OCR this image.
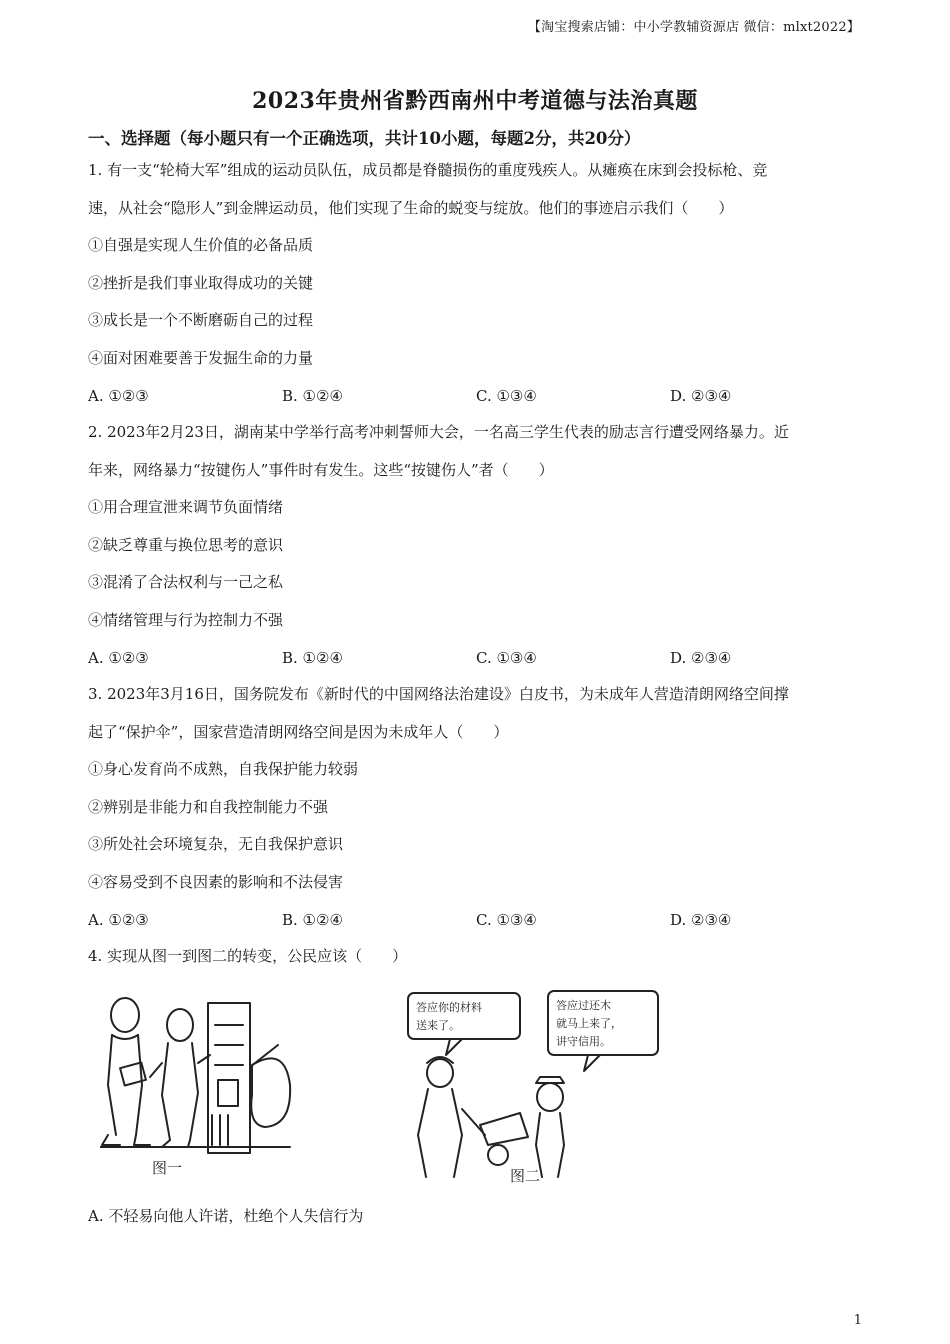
【淘宝搜索店铺：中小学教辅资源店 微信：mlxt2022】
2023年贵州省黔西南州中考道德与法治真题
一、选择题（每小题只有一个正确选项，共计10小题，每题2分，共20分）

1. 有一支“轮椅大军”组成的运动员队伍，成员都是脊髓损伤的重度残疾人。从瘫痪在床到会投标枪、竞

速，从社会“隐形人”到金牌运动员，他们实现了生命的蜕变与绽放。他们的事迹启示我们（　　）

①自强是实现人生价值的必备品质

②挫折是我们事业取得成功的关键

③成长是一个不断磨砺自己的过程

④面对困难要善于发掘生命的力量

A. ①②③	B. ①②④	C. ①③④	D. ②③④

2. 2023年2月23日，湖南某中学举行高考冲刺誓师大会，一名高三学生代表的励志言行遭受网络暴力。近

年来，网络暴力“按键伤人”事件时有发生。这些“按键伤人”者（　　）

①用合理宣泄来调节负面情绪

②缺乏尊重与换位思考的意识

③混淆了合法权利与一己之私

④情绪管理与行为控制力不强

A. ①②③	B. ①②④	C. ①③④	D. ②③④

3. 2023年3月16日，国务院发布《新时代的中国网络法治建设》白皮书，为未成年人营造清朗网络空间撑

起了“保护伞”，国家营造清朗网络空间是因为未成年人（　　）

①身心发育尚不成熟，自我保护能力较弱

②辨别是非能力和自我控制能力不强

③所处社会环境复杂，无自我保护意识

④容易受到不良因素的影响和不法侵害

A. ①②③	B. ①②④	C. ①③④	D. ②③④

4. 实现从图一到图二的转变，公民应该（　　）

图一	图二
答应你的材料
送来了。
答应过还木
就马上来了，
讲守信用。

A. 不轻易向他人许诺，杜绝个人失信行为

1
